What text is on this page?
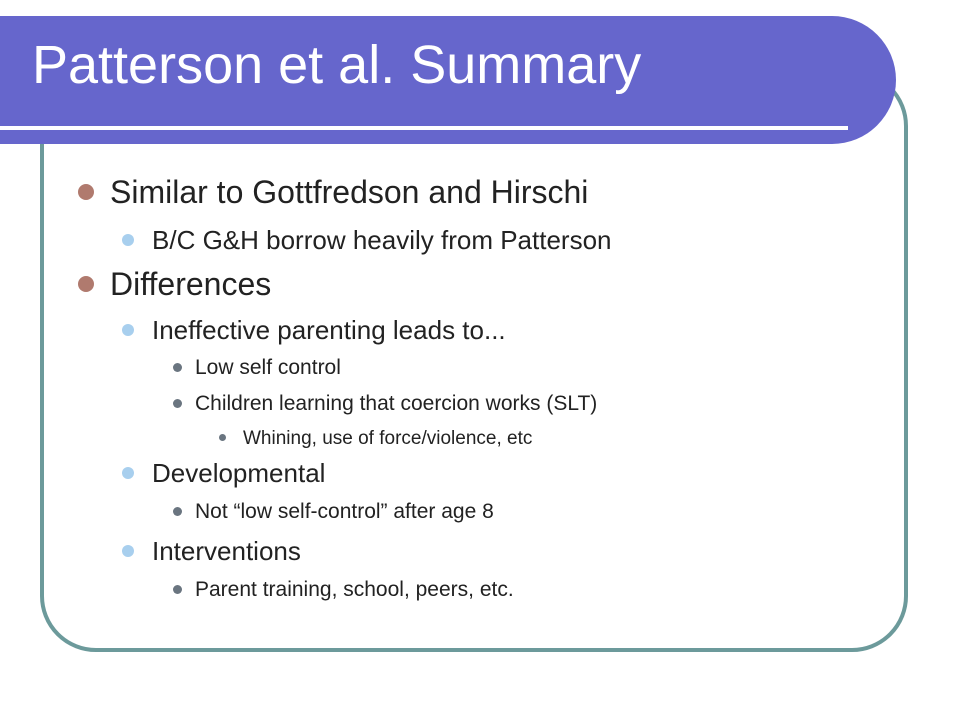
Patterson et al. Summary
Similar to Gottfredson and Hirschi
B/C G&H borrow heavily from Patterson
Differences
Ineffective parenting leads to...
Low self control
Children learning that coercion works (SLT)
Whining, use of force/violence, etc
Developmental
Not “low self-control” after age 8
Interventions
Parent training, school, peers, etc.
